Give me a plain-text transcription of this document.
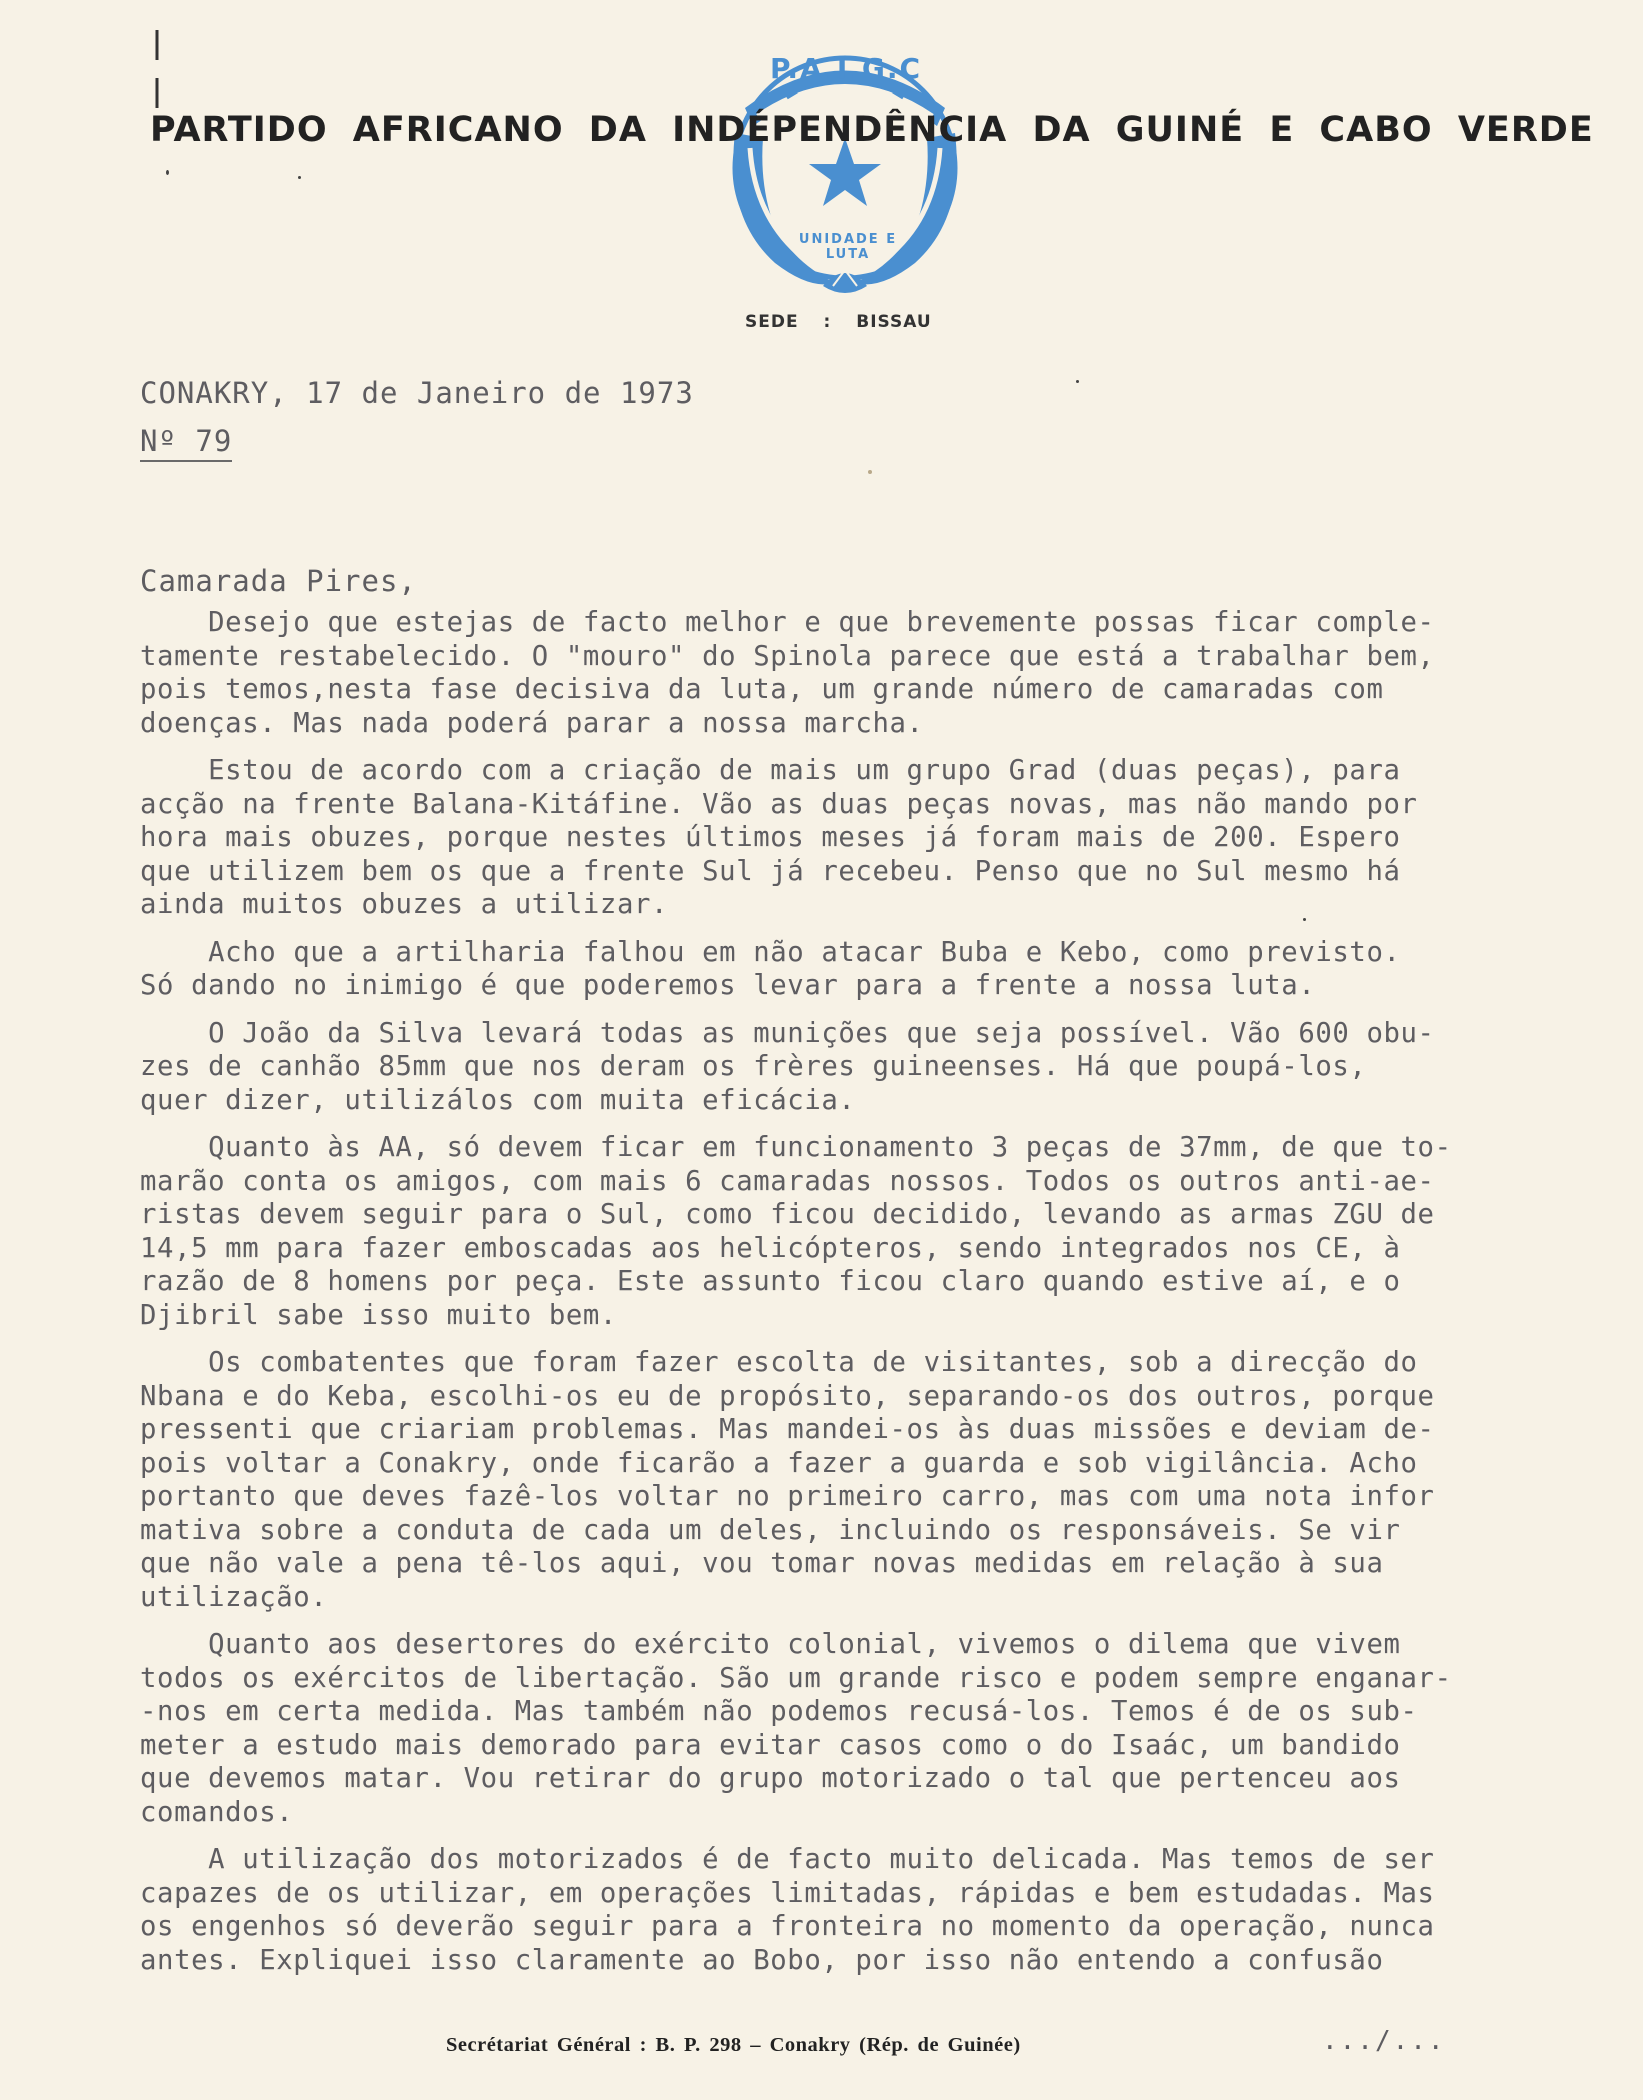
P.A.I.G.C
UNIDADE E LUTA
PARTIDO AFRICANO DA INDÉPENDÊNCIA DA GUINÉ E CABO VERDE
SEDE : BISSAU
CONAKRY, 17 de Janeiro de 1973
Nº 79
Camarada Pires,
Desejo que estejas de facto melhor e que brevemente possas ficar comple-
tamente restabelecido. O "mouro" do Spinola parece que está a trabalhar bem,
pois temos,nesta fase decisiva da luta, um grande número de camaradas com
doenças. Mas nada poderá parar a nossa marcha.
Estou de acordo com a criação de mais um grupo Grad (duas peças), para
acção na frente Balana-Kitáfine. Vão as duas peças novas, mas não mando por
hora mais obuzes, porque nestes últimos meses já foram mais de 200. Espero
que utilizem bem os que a frente Sul já recebeu. Penso que no Sul mesmo há
ainda muitos obuzes a utilizar.
Acho que a artilharia falhou em não atacar Buba e Kebo, como previsto.
Só dando no inimigo é que poderemos levar para a frente a nossa luta.
O João da Silva levará todas as munições que seja possível. Vão 600 obu-
zes de canhão 85mm que nos deram os frères guineenses. Há que poupá-los,
quer dizer, utilizálos com muita eficácia.
Quanto às AA, só devem ficar em funcionamento 3 peças de 37mm, de que to-
marão conta os amigos, com mais 6 camaradas nossos. Todos os outros anti-ae-
ristas devem seguir para o Sul, como ficou decidido, levando as armas ZGU de
14,5 mm para fazer emboscadas aos helicópteros, sendo integrados nos CE, à
razão de 8 homens por peça. Este assunto ficou claro quando estive aí, e o
Djibril sabe isso muito bem.
Os combatentes que foram fazer escolta de visitantes, sob a direcção do
Nbana e do Keba, escolhi-os eu de propósito, separando-os dos outros, porque
pressenti que criariam problemas. Mas mandei-os às duas missões e deviam de-
pois voltar a Conakry, onde ficarão a fazer a guarda e sob vigilância. Acho
portanto que deves fazê-los voltar no primeiro carro, mas com uma nota infor
mativa sobre a conduta de cada um deles, incluindo os responsáveis. Se vir
que não vale a pena tê-los aqui, vou tomar novas medidas em relação à sua
utilização.
Quanto aos desertores do exército colonial, vivemos o dilema que vivem
todos os exércitos de libertação. São um grande risco e podem sempre enganar-
-nos em certa medida. Mas também não podemos recusá-los. Temos é de os sub-
meter a estudo mais demorado para evitar casos como o do Isaác, um bandido
que devemos matar. Vou retirar do grupo motorizado o tal que pertenceu aos
comandos.
A utilização dos motorizados é de facto muito delicada. Mas temos de ser
capazes de os utilizar, em operações limitadas, rápidas e bem estudadas. Mas
os engenhos só deverão seguir para a fronteira no momento da operação, nunca
antes. Expliquei isso claramente ao Bobo, por isso não entendo a confusão
Secrétariat Général : B. P. 298 – Conakry (Rép. de Guinée)	.../...
